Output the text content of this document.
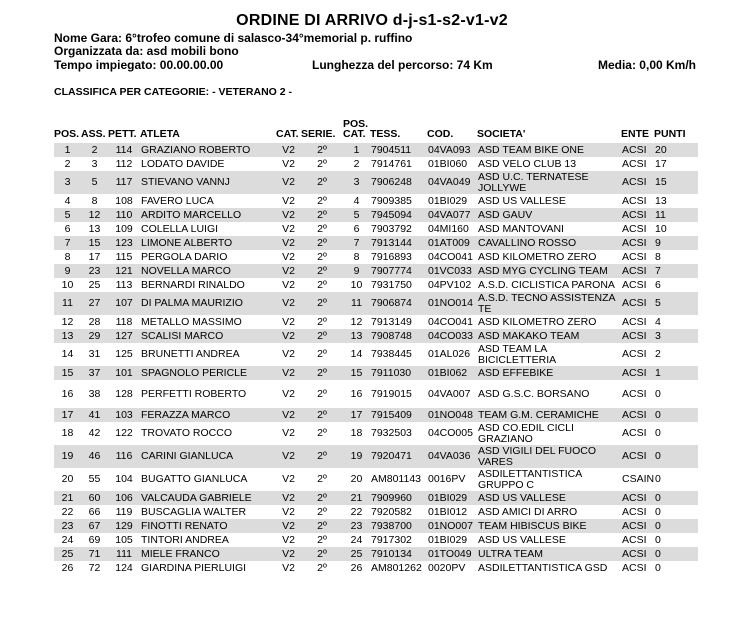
ORDINE DI ARRIVO d-j-s1-s2-v1-v2
Nome Gara: 6°trofeo comune di salasco-34°memorial p. ruffino
Organizzata da: asd mobili bono
Tempo impiegato: 00.00.00.00	Lunghezza del percorso: 74 Km	Media: 0,00 Km/h
CLASSIFICA PER CATEGORIE: - VETERANO 2 -
POS.	ASS.	PETT.	ATLETA	CAT.	SERIE.	POS. CAT.	TESS.	COD.	SOCIETA'	ENTE	PUNTI
1	2	114	GRAZIANO ROBERTO	V2	2º	1	7904511	04VA093	ASD TEAM BIKE ONE	ACSI	20
2	3	112	LODATO DAVIDE	V2	2º	2	7914761	01BI060	ASD VELO CLUB 13	ACSI	17
3	5	117	STIEVANO VANNJ	V2	2º	3	7906248	04VA049	ASD U.C. TERNATESE JOLLYWE	ACSI	15
4	8	108	FAVERO LUCA	V2	2º	4	7909385	01BI029	ASD US VALLESE	ACSI	13
5	12	110	ARDITO MARCELLO	V2	2º	5	7945094	04VA077	ASD GAUV	ACSI	11
6	13	109	COLELLA LUIGI	V2	2º	6	7903792	04MI160	ASD MANTOVANI	ACSI	10
7	15	123	LIMONE ALBERTO	V2	2º	7	7913144	01AT009	CAVALLINO ROSSO	ACSI	9
8	17	115	PERGOLA DARIO	V2	2º	8	7916893	04CO041	ASD KILOMETRO ZERO	ACSI	8
9	23	121	NOVELLA MARCO	V2	2º	9	7907774	01VC033	ASD MYG CYCLING TEAM	ACSI	7
10	25	113	BERNARDI RINALDO	V2	2º	10	7931750	04PV102	A.S.D. CICLISTICA PARONA	ACSI	6
11	27	107	DI PALMA MAURIZIO	V2	2º	11	7906874	01NO014	A.S.D. TECNO ASSISTENZA TE	ACSI	5
12	28	118	METALLO MASSIMO	V2	2º	12	7913149	04CO041	ASD KILOMETRO ZERO	ACSI	4
13	29	127	SCALISI MARCO	V2	2º	13	7908748	04CO033	ASD MAKAKO TEAM	ACSI	3
14	31	125	BRUNETTI ANDREA	V2	2º	14	7938445	01AL026	ASD TEAM LA BICICLETTERIA	ACSI	2
15	37	101	SPAGNOLO PERICLE	V2	2º	15	7911030	01BI062	ASD EFFEBIKE	ACSI	1
16	38	128	PERFETTI ROBERTO	V2	2º	16	7919015	04VA007	ASD G.S.C. BORSANO	ACSI	0
17	41	103	FERAZZA MARCO	V2	2º	17	7915409	01NO048	TEAM G.M. CERAMICHE	ACSI	0
18	42	122	TROVATO ROCCO	V2	2º	18	7932503	04CO005	ASD CO.EDIL CICLI GRAZIANO	ACSI	0
19	46	116	CARINI GIANLUCA	V2	2º	19	7920471	04VA036	ASD VIGILI DEL FUOCO VARES	ACSI	0
20	55	104	BUGATTO GIANLUCA	V2	2º	20	AM801143	0016PV	ASDILETTANTISTICA GRUPPO C	CSAIN	0
21	60	106	VALCAUDA GABRIELE	V2	2º	21	7909960	01BI029	ASD US VALLESE	ACSI	0
22	66	119	BUSCAGLIA WALTER	V2	2º	22	7920582	01BI012	ASD AMICI DI ARRO	ACSI	0
23	67	129	FINOTTI RENATO	V2	2º	23	7938700	01NO007	TEAM HIBISCUS BIKE	ACSI	0
24	69	105	TINTORI ANDREA	V2	2º	24	7917302	01BI029	ASD US VALLESE	ACSI	0
25	71	111	MIELE FRANCO	V2	2º	25	7910134	01TO049	ULTRA TEAM	ACSI	0
26	72	124	GIARDINA PIERLUIGI	V2	2º	26	AM801262	0020PV	ASDILETTANTISTICA GSD	ACSI	0
